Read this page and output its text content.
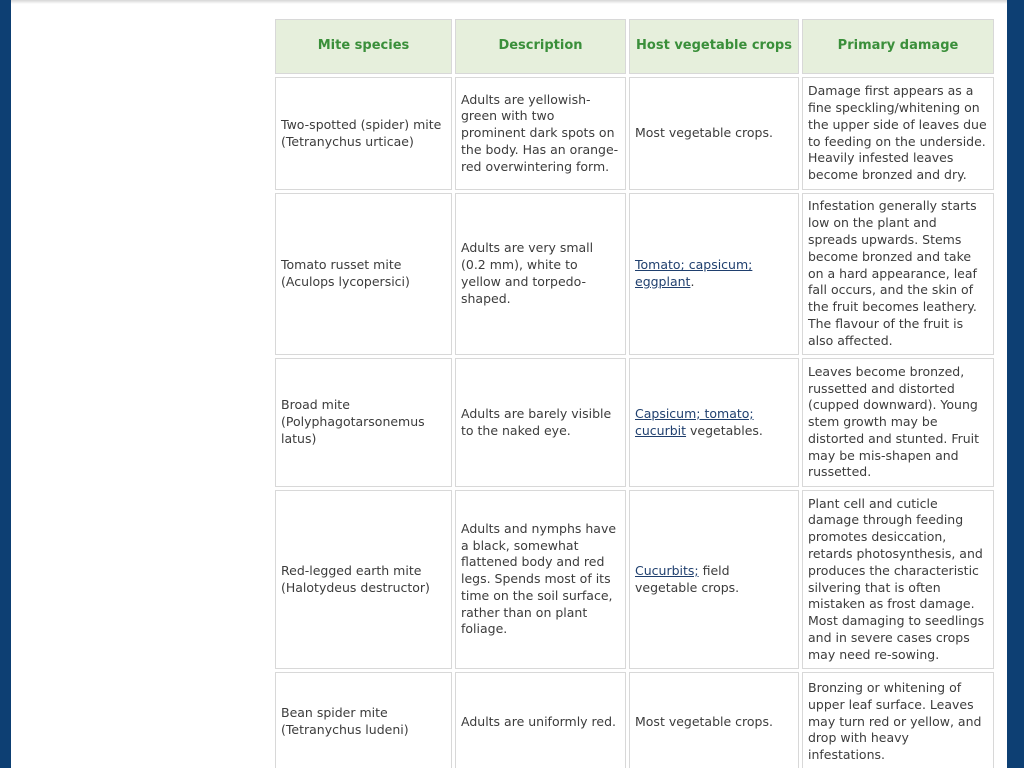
Mite species	Description	Host vegetable crops	Primary damage
Two-spotted (spider) mite (Tetranychus urticae)	Adults are yellowish-green with two prominent dark spots on the body. Has an orange-red overwintering form.	Most vegetable crops.	Damage first appears as a fine speckling/whitening on the upper side of leaves due to feeding on the underside. Heavily infested leaves become bronzed and dry.
Tomato russet mite (Aculops lycopersici)	Adults are very small (0.2 mm), white to yellow and torpedo-shaped.	Tomato; capsicum; eggplant.	Infestation generally starts low on the plant and spreads upwards. Stems become bronzed and take on a hard appearance, leaf fall occurs, and the skin of the fruit becomes leathery. The flavour of the fruit is also affected.
Broad mite (Polyphagotarsonemus latus)	Adults are barely visible to the naked eye.	Capsicum; tomato; cucurbit vegetables.	Leaves become bronzed, russetted and distorted (cupped downward). Young stem growth may be distorted and stunted. Fruit may be mis-shapen and russetted.
Red-legged earth mite (Halotydeus destructor)	Adults and nymphs have a black, somewhat flattened body and red legs. Spends most of its time on the soil surface, rather than on plant foliage.	Cucurbits; field vegetable crops.	Plant cell and cuticle damage through feeding promotes desiccation, retards photosynthesis, and produces the characteristic silvering that is often mistaken as frost damage. Most damaging to seedlings and in severe cases crops may need re-sowing.
Bean spider mite (Tetranychus ludeni)	Adults are uniformly red.	Most vegetable crops.	Bronzing or whitening of upper leaf surface. Leaves may turn red or yellow, and drop with heavy infestations.
